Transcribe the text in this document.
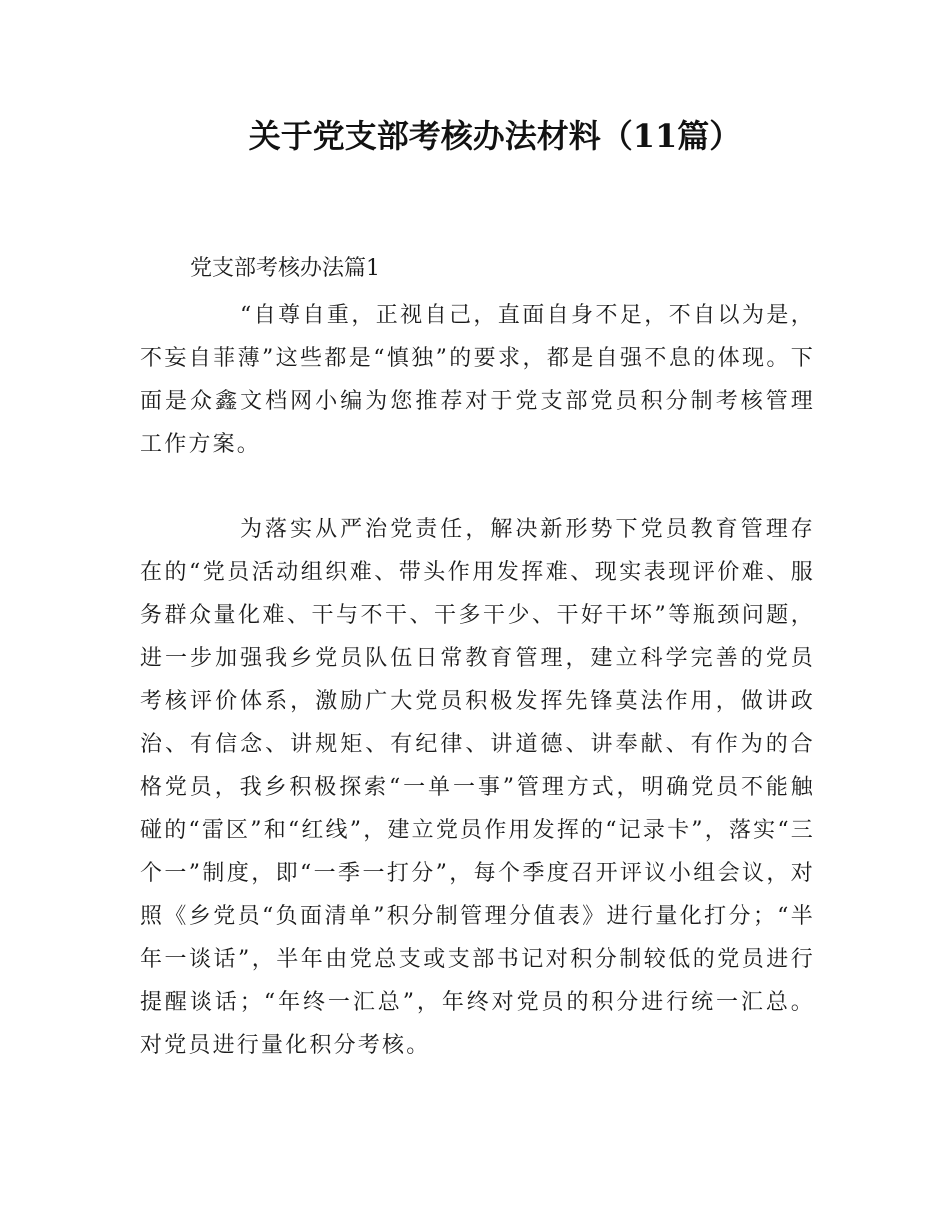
关于党支部考核办法材料（11篇）

党支部考核办法篇1

“自尊自重，正视自己，直面自身不足，不自以为是，不妄自菲薄”这些都是“慎独”的要求，都是自强不息的体现。下面是众鑫文档网小编为您推荐对于党支部党员积分制考核管理工作方案。

为落实从严治党责任，解决新形势下党员教育管理存在的“党员活动组织难、带头作用发挥难、现实表现评价难、服务群众量化难、干与不干、干多干少、干好干坏”等瓶颈问题，进一步加强我乡党员队伍日常教育管理，建立科学完善的党员考核评价体系，激励广大党员积极发挥先锋莫法作用，做讲政治、有信念、讲规矩、有纪律、讲道德、讲奉献、有作为的合格党员，我乡积极探索“一单一事”管理方式，明确党员不能触碰的“雷区”和“红线”，建立党员作用发挥的“记录卡”，落实“三个一”制度，即“一季一打分”，每个季度召开评议小组会议，对照《乡党员“负面清单”积分制管理分值表》进行量化打分；“半年一谈话”，半年由党总支或支部书记对积分制较低的党员进行提醒谈话；“年终一汇总”，年终对党员的积分进行统一汇总。对党员进行量化积分考核。
